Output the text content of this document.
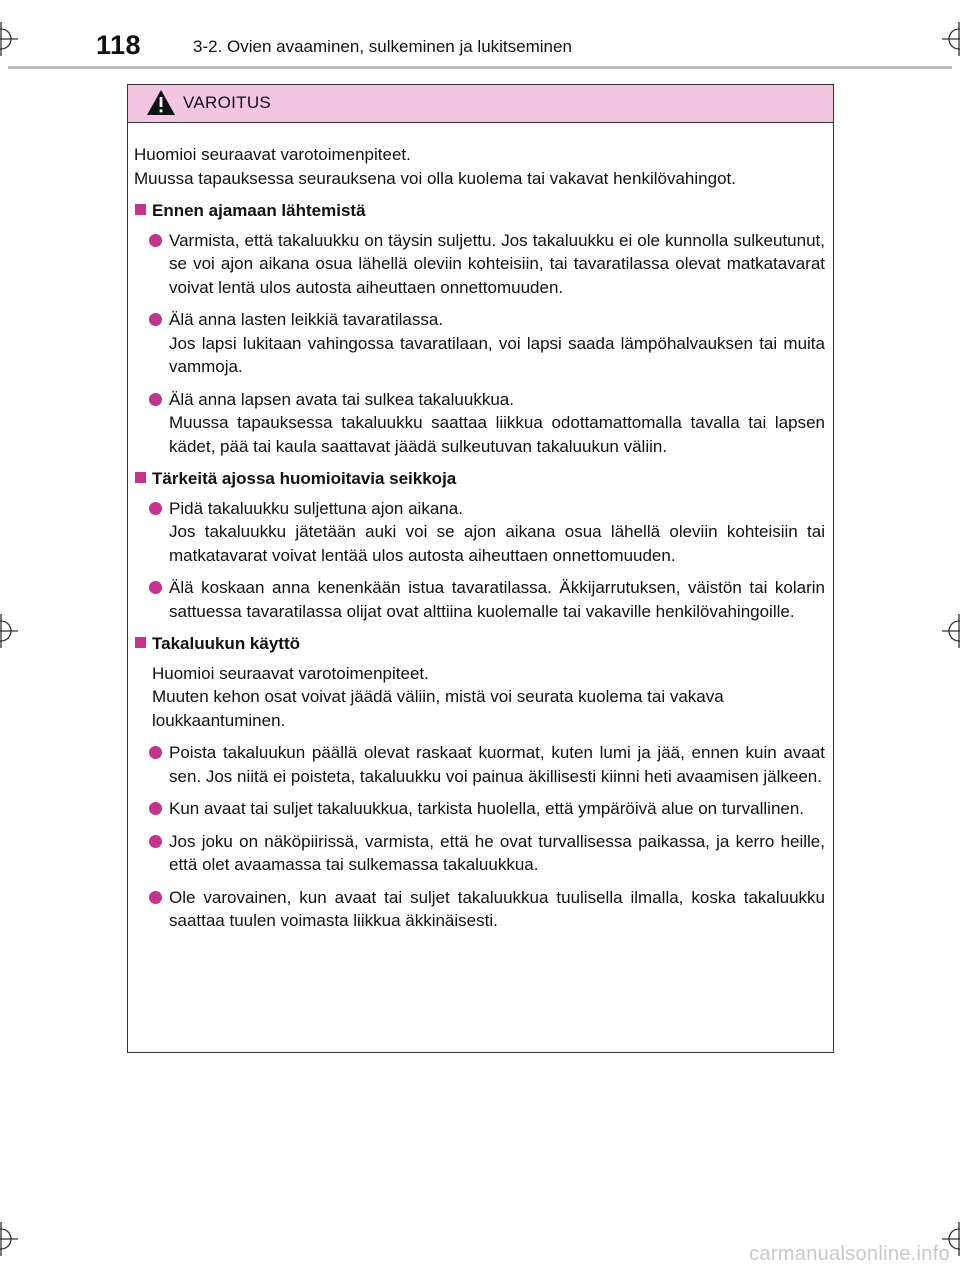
118	3-2. Ovien avaaminen, sulkeminen ja lukitseminen
VAROITUS

Huomioi seuraavat varotoimenpiteet.
Muussa tapauksessa seurauksena voi olla kuolema tai vakavat henkilövahingot.

Ennen ajamaan lähtemistä
Varmista, että takaluukku on täysin suljettu. Jos takaluukku ei ole kunnolla sulkeutunut, se voi ajon aikana osua lähellä oleviin kohteisiin, tai tavaratilassa olevat matkatavarat voivat lentä ulos autosta aiheuttaen onnettomuuden.
Älä anna lasten leikkiä tavaratilassa.
Jos lapsi lukitaan vahingossa tavaratilaan, voi lapsi saada lämpöhalvauksen tai muita vammoja.
Älä anna lapsen avata tai sulkea takaluukkua.
Muussa tapauksessa takaluukku saattaa liikkua odottamattomalla tavalla tai lapsen kädet, pää tai kaula saattavat jäädä sulkeutuvan takaluukun väliin.
Tärkeitä ajossa huomioitavia seikkoja
Pidä takaluukku suljettuna ajon aikana.
Jos takaluukku jätetään auki voi se ajon aikana osua lähellä oleviin kohteisiin tai matkatavarat voivat lentää ulos autosta aiheuttaen onnettomuuden.
Älä koskaan anna kenenkään istua tavaratilassa. Äkkijarrutuksen, väistön tai kolarin sattuessa tavaratilassa olijat ovat alttiina kuolemalle tai vakaville henkilövahingoille.
Takaluukun käyttö

Huomioi seuraavat varotoimenpiteet.
Muuten kehon osat voivat jäädä väliin, mistä voi seurata kuolema tai vakava loukkaantuminen.

Poista takaluukun päällä olevat raskaat kuormat, kuten lumi ja jää, ennen kuin avaat sen. Jos niitä ei poisteta, takaluukku voi painua äkillisesti kiinni heti avaamisen jälkeen.
Kun avaat tai suljet takaluukkua, tarkista huolella, että ympäröivä alue on turvallinen.
Jos joku on näköpiirissä, varmista, että he ovat turvallisessa paikassa, ja kerro heille, että olet avaamassa tai sulkemassa takaluukkua.
Ole varovainen, kun avaat tai suljet takaluukkua tuulisella ilmalla, koska takaluukku saattaa tuulen voimasta liikkua äkkinäisesti.
carmanualsonline.info
